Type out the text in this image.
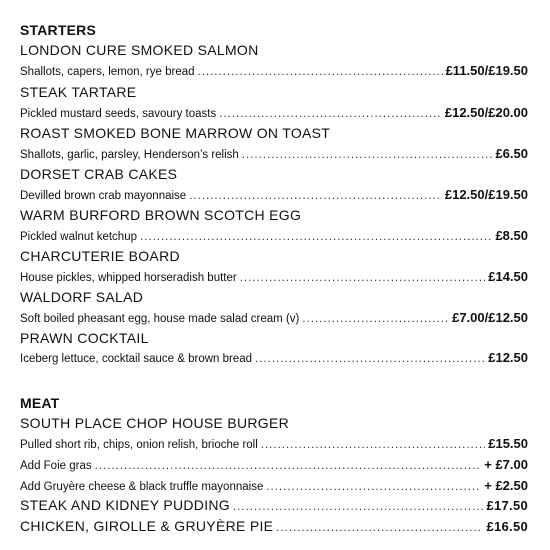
STARTERS
LONDON CURE SMOKED SALMON
Shallots, capers, lemon, rye bread .....	£11.50/£19.50
STEAK TARTARE
Pickled mustard seeds, savoury toasts .....	£12.50/£20.00
ROAST SMOKED BONE MARROW ON TOAST
Shallots, garlic, parsley, Henderson’s relish .....	£6.50
DORSET CRAB CAKES
Devilled brown crab mayonnaise .....	£12.50/£19.50
WARM BURFORD BROWN SCOTCH EGG
Pickled walnut ketchup .....	£8.50
CHARCUTERIE BOARD
House pickles, whipped horseradish butter .....	£14.50
WALDORF SALAD
Soft boiled pheasant egg, house made salad cream (v) .....	£7.00/£12.50
PRAWN COCKTAIL
Iceberg lettuce, cocktail sauce & brown bread .....	£12.50
MEAT
SOUTH PLACE CHOP HOUSE BURGER
Pulled short rib, chips, onion relish, brioche roll .....	£15.50
Add Foie gras .....	+ £7.00
Add Gruyère cheese & black truffle mayonnaise .....	+ £2.50
STEAK AND KIDNEY PUDDING .....	£17.50
CHICKEN, GIROLLE & GRUYÈRE PIE .....	£16.50
